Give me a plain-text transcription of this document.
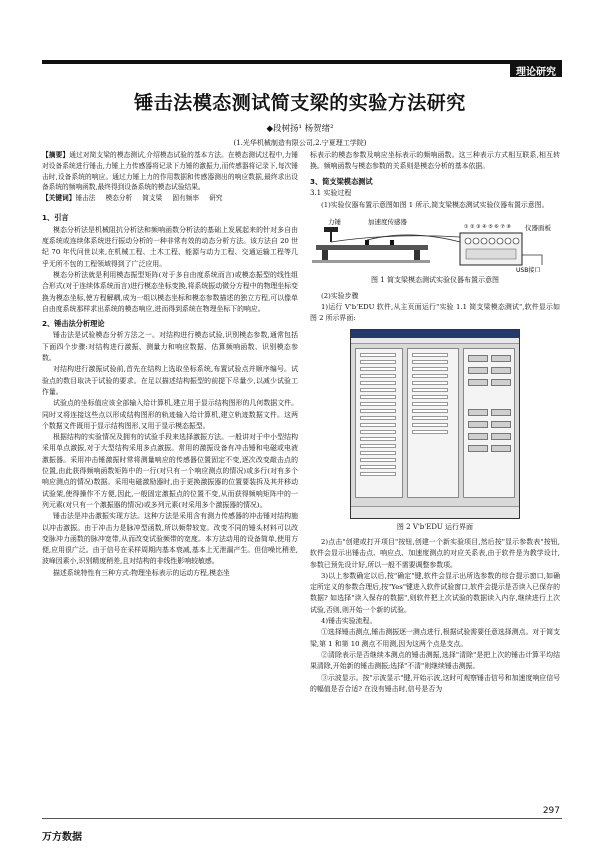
理论研究
锤击法模态测试简支梁的实验方法研究
◆段树扬¹ 杨贺绪²
(1.光华机械制造有限公司,2.宁夏理工学院)
【摘要】通过对简支梁的模态测试,介绍模态试验的基本方法。在模态测试过程中,力锤对设备系统进行锤击,力锤上力传感器将记录下力锤的激振力,而传感器将记录下,每次锤击时,设备系统的响应。通过力锤上力的作用数据和传感器测出的响应数据,最终求出设备系统的频响函数,最终得到设备系统的模态试验结果。
【关键词】锤击法 模态分析 简支梁 固有频率 研究
1、引言

模态分析法是机械阻抗分析法和频响函数分析法的基础上发展起来的针对多自由度系统或连续体系统进行振动分析的一种非常有效的动态分析方法。该方法自 20 世纪 70 年代问世以来,在机械工程、土木工程、能源与动力工程、交通运输工程等几乎无所不包的工程领域得到了广泛应用。

模态分析法就是利用模态振型矩阵(对于多自由度系统而言)或模态振型的线性组合形式(对于连续体系统而言)进行模态坐标变换,将系统振动微分方程中的物理坐标变换为模态坐标,使方程解耦,成为一组以模态坐标和模态参数描述的独立方程,可以像单自由度系统那样求出系统的模态响应,进而得到系统在物理坐标下的响应。

2、锤击法分析理论

锤击法是试验模态分析方法之一。对结构进行模态试验,识别模态参数,通常包括下面四个步骤:对结构进行激振、测量力和响应数据、估算频响函数、识别模态参数。

对结构进行激振试验前,首先在结构上选取坐标系统,布置试验点并顺序编号。试验点的数目取决于试验的要求。在足以描述结构振型的前提下尽量少,以减少试验工作量。

试验点的坐标值应该全部输入给计算机,建立用于显示结构图形的几何数据文件。同时又将连接这些点以形成结构图形的轨迹输入给计算机,建立轨迹数据文件。这两个数据文件既用于显示结构图形,又用于显示模态振型。

根据结构的实验情况及拥有的试验手段来选择激振方法。一般讲对于中小型结构采用单点激振,对于大型结构采用多点激振。常用的激振设备有冲击锤和电磁或电液激振器。采用冲击锤激振时常将测量响应的传感器位置固定不变,逐次改变敲击点的位置,由此获得频响函数矩阵中的一行(对只有一个响应测点的情况)或多行(对有多个响应测点的情况)数据。采用电磁激励器时,由于更换激振器的位置要装拆及其并移动试验架,使得操作不方便,因此,一般固定激振点的位置不变,从而获得频响矩阵中的一列元素(对只有一个激振器的情况)或多列元素(对采用多个激振器的情况)。

锤击法是冲击激振实现方法。这种方法是采用含有测力传感器的冲击锤对结构施以冲击激振。由于冲击力是脉冲型函数,所以频带较宽。改变不同的锤头材料可以改变脉冲力函数的脉冲宽带,从而改变试验频带的宽度。本方法动用的设备简单,使用方便,应用很广泛。由于信号在采样周期内基本衰减,基本上无泄漏产生。但信噪比稍差,波峰因素小,识别精度稍差,且对结构的非线性影响较敏感。

描述系统特性有三种方式:物理坐标表示的运动方程,模态坐

标表示的模态参数及响应坐标表示的频响函数。这三种表示方式相互联系,相互转换。频响函数与模态参数的关系则是模态分析的基本依据。

3、简支梁模态测试
3.1 实验过程

(1)实验仪器布置示意图如图 1 所示,简支梁模态测试实验仪器布置示意图。

力锤	加速度传感器
仪器面板
① ② ③ ④ ⑤ ⑥ ⑦ ⑧
USB接口
图 1 简支梁模态测试实验仪器布置示意图

(2)实验步骤

1)运行 V'b'EDU 软件,从主页面运行"实验 1.1 简支梁模态测试",软件显示如图 2 所示界面:

图 2 V'b'EDU 运行界面

2)点击"创建或打开项目"按钮,创建一个新实验项目,然后按"显示参数表"按钮,软件会显示出锤击点、响应点、加速度测点的对应关系表,由于软件是为教学设计,参数已预先设计好,所以一般不需要调整参数项。

3)以上参数确定以后,按"确定"键,软件会显示出所选参数的综合提示窗口,如确定所定义的参数合理后,按"Yes"键进入软件试验窗口,软件会提示是否读入已保存的数据? 如选择"读入保存的数据",则软件把上次试验的数据读入内存,继续进行上次试验,否则,则开始一个新的试验。

4)锤击实验流程。

①选择锤击测点,锤击测振逐一测点进行,根据试验需要任意选择测点。对于简支梁,第 1 和第 10 测点不用测,因为这两个点是支点。

②清除表示是否继续本测点的锤击测振,选择"清除"是把上次的锤击计算平均结果清除,开始新的锤击测振;选择"不清"则继续锤击测振。

③示波显示。按"示波显示"键,开始示波,这时可观察锤击信号和加速度响应信号的幅值是否合适? 在没有锤击时,信号是否为

297
万方数据
